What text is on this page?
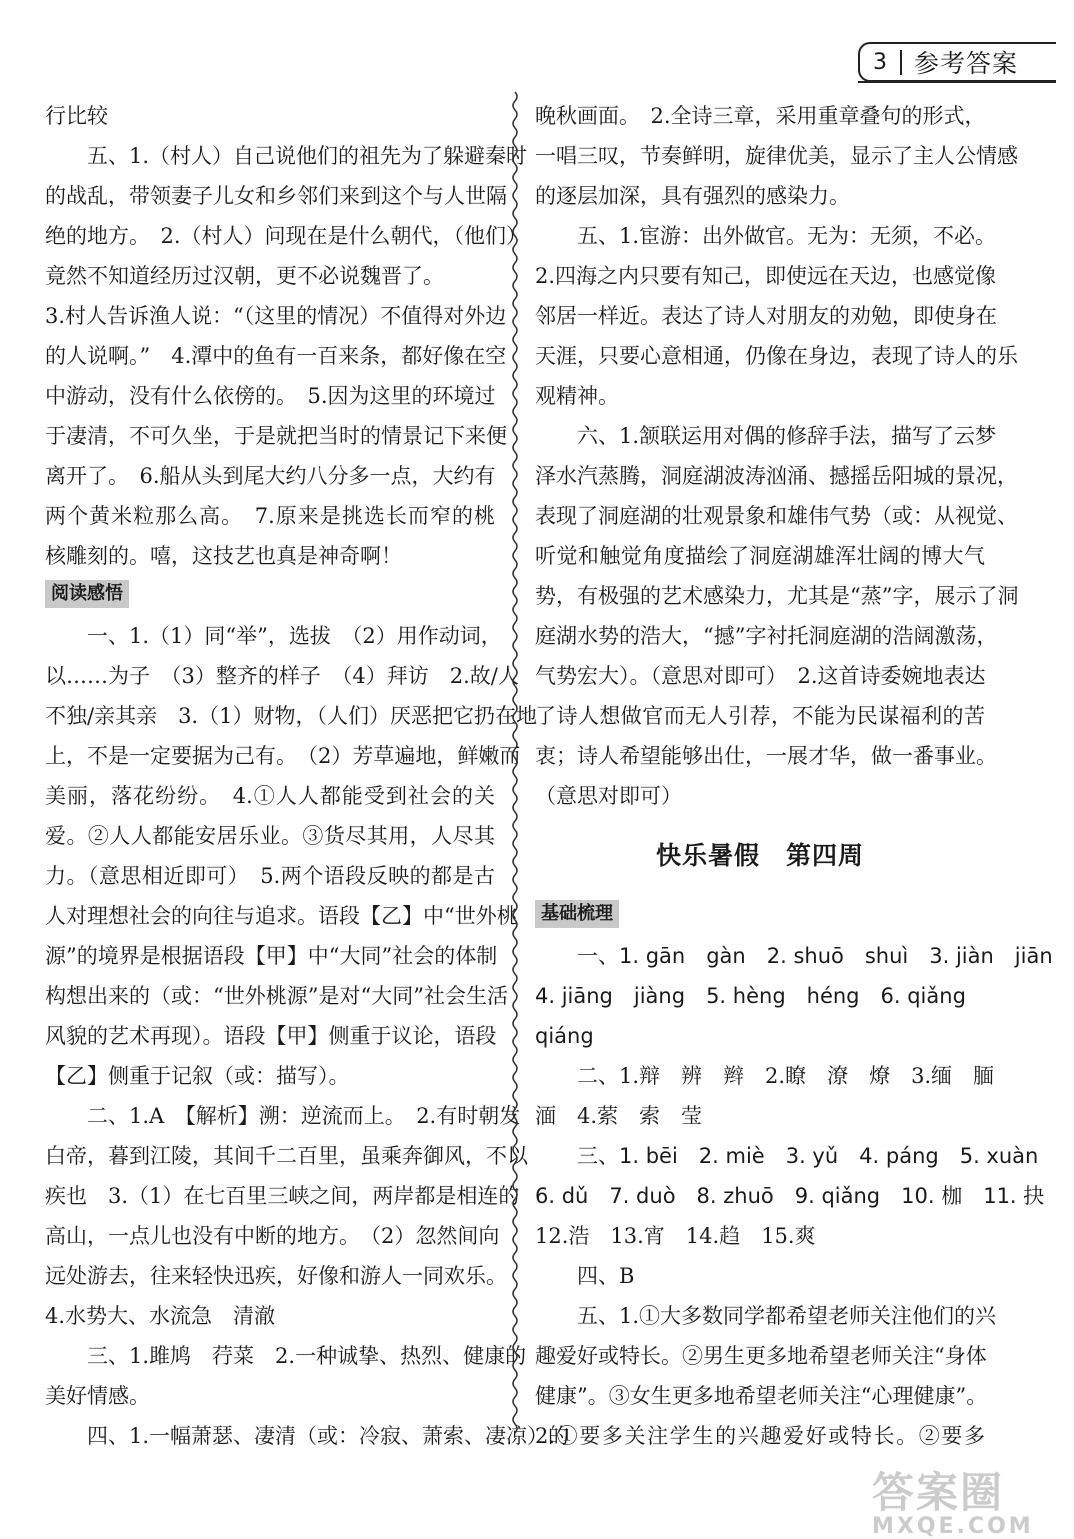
3	参考答案
行比较
五、1.（村人）自己说他们的祖先为了躲避秦时
的战乱，带领妻子儿女和乡邻们来到这个与人世隔
绝的地方。　2.（村人）问现在是什么朝代，（他们）
竟然不知道经历过汉朝，更不必说魏晋了。
3.村人告诉渔人说：“（这里的情况）不值得对外边
的人说啊。”　4.潭中的鱼有一百来条，都好像在空
中游动，没有什么依傍的。　5.因为这里的环境过
于凄清，不可久坐，于是就把当时的情景记下来便
离开了。　6.船从头到尾大约八分多一点，大约有
两个黄米粒那么高。　7.原来是挑选长而窄的桃
核雕刻的。嘻，这技艺也真是神奇啊！
阅读感悟
一、1.（1）同“举”，选拔　（2）用作动词，
以……为子　（3）整齐的样子　（4）拜访　2.故/人
不独/亲其亲　3.（1）财物，（人们）厌恶把它扔在地
上，不是一定要据为己有。　（2）芳草遍地，鲜嫩而
美丽，落花纷纷。　4.①人人都能受到社会的关
爱。②人人都能安居乐业。③货尽其用，人尽其
力。（意思相近即可）　5.两个语段反映的都是古
人对理想社会的向往与追求。语段【乙】中“世外桃
源”的境界是根据语段【甲】中“大同”社会的体制
构想出来的（或：“世外桃源”是对“大同”社会生活
风貌的艺术再现）。语段【甲】侧重于议论，语段
【乙】侧重于记叙（或：描写）。
二、1.A　【解析】溯：逆流而上。　2.有时朝发
白帝，暮到江陵，其间千二百里，虽乘奔御风，不以
疾也　3.（1）在七百里三峡之间，两岸都是相连的
高山，一点儿也没有中断的地方。　（2）忽然间向
远处游去，往来轻快迅疾，好像和游人一同欢乐。
4.水势大、水流急　清澈
三、1.雎鸠　荇菜　2.一种诚挚、热烈、健康的
美好情感。
四、1.一幅萧瑟、凄清（或：冷寂、萧索、凄凉）的
晚秋画面。　2.全诗三章，采用重章叠句的形式，
一唱三叹，节奏鲜明，旋律优美，显示了主人公情感
的逐层加深，具有强烈的感染力。
五、1.宦游：出外做官。无为：无须，不必。
2.四海之内只要有知己，即使远在天边，也感觉像
邻居一样近。表达了诗人对朋友的劝勉，即使身在
天涯，只要心意相通，仍像在身边，表现了诗人的乐
观精神。
六、1.颔联运用对偶的修辞手法，描写了云梦
泽水汽蒸腾，洞庭湖波涛汹涌、撼摇岳阳城的景况，
表现了洞庭湖的壮观景象和雄伟气势（或：从视觉、
听觉和触觉角度描绘了洞庭湖雄浑壮阔的博大气
势，有极强的艺术感染力，尤其是“蒸”字，展示了洞
庭湖水势的浩大，“撼”字衬托洞庭湖的浩阔激荡，
气势宏大）。（意思对即可）　2.这首诗委婉地表达
了诗人想做官而无人引荐，不能为民谋福利的苦
衷；诗人希望能够出仕，一展才华，做一番事业。
（意思对即可）
快乐暑假　第四周
基础梳理
一、1. gān　gàn　2. shuō　shuì　3. jiàn　jiān
4. jiāng　jiàng　5. hèng　héng　6. qiǎng
qiáng
二、1.辩　辨　辫　2.瞭　潦　燎　3.缅　腼
湎　4.萦　索　莹
三、1. bēi　2. miè　3. yǔ　4. páng　5. xuàn
6. dǔ　7. duò　8. zhuō　9. qiǎng　10. 枷　11. 抉
12.浩　13.宵　14.趋　15.爽
四、B
五、1.①大多数同学都希望老师关注他们的兴
趣爱好或特长。②男生更多地希望老师关注“身体
健康”。③女生更多地希望老师关注“心理健康”。
2.①要多关注学生的兴趣爱好或特长。②要多
答案圈
MXQE.COM
